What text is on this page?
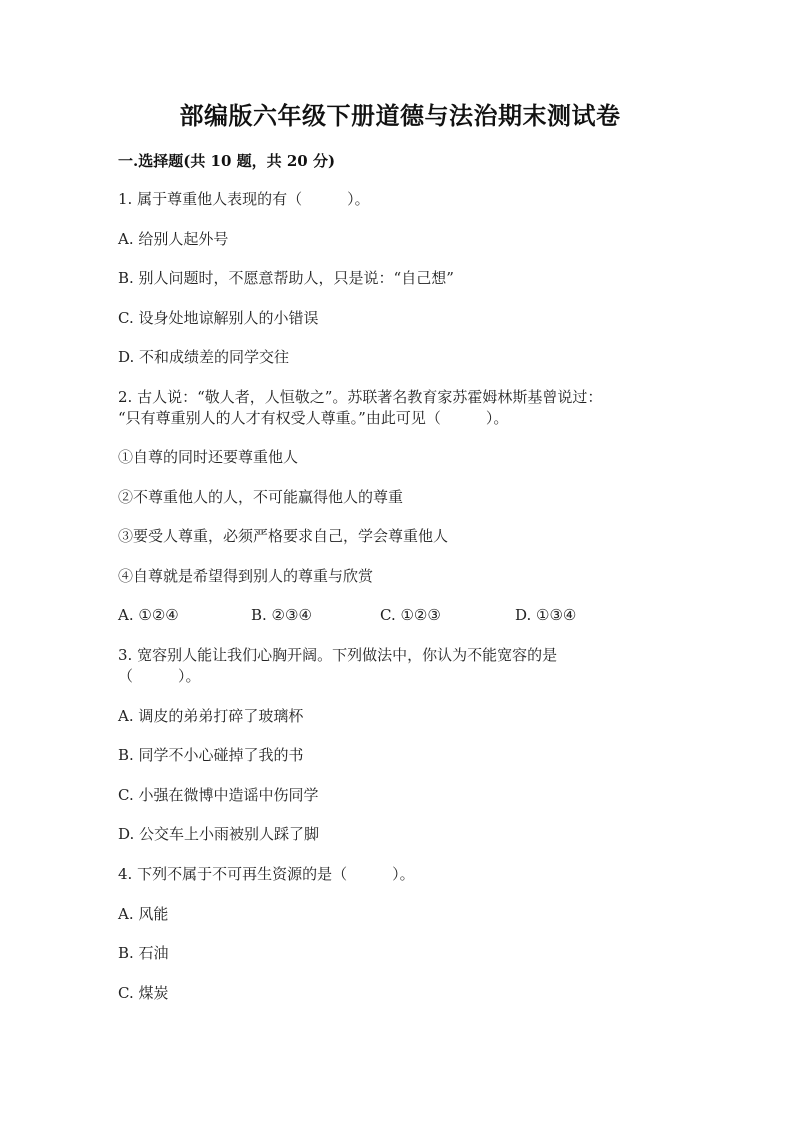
部编版六年级下册道德与法治期末测试卷
一.选择题(共 10 题，共 20 分)
1. 属于尊重他人表现的有（　　　）。
A. 给别人起外号
B. 别人问题时，不愿意帮助人，只是说：“自己想”
C. 设身处地谅解别人的小错误
D. 不和成绩差的同学交往
2. 古人说：“敬人者，人恒敬之”。苏联著名教育家苏霍姆林斯基曾说过：
“只有尊重别人的人才有权受人尊重。”由此可见（　　　）。
①自尊的同时还要尊重他人
②不尊重他人的人，不可能赢得他人的尊重
③要受人尊重，必须严格要求自己，学会尊重他人
④自尊就是希望得到别人的尊重与欣赏
A. ①②④	B. ②③④	C. ①②③	D. ①③④
3. 宽容别人能让我们心胸开阔。下列做法中，你认为不能宽容的是
（　　　）。
A. 调皮的弟弟打碎了玻璃杯
B. 同学不小心碰掉了我的书
C. 小强在微博中造谣中伤同学
D. 公交车上小雨被别人踩了脚
4. 下列不属于不可再生资源的是（　　　）。
A. 风能
B. 石油
C. 煤炭
